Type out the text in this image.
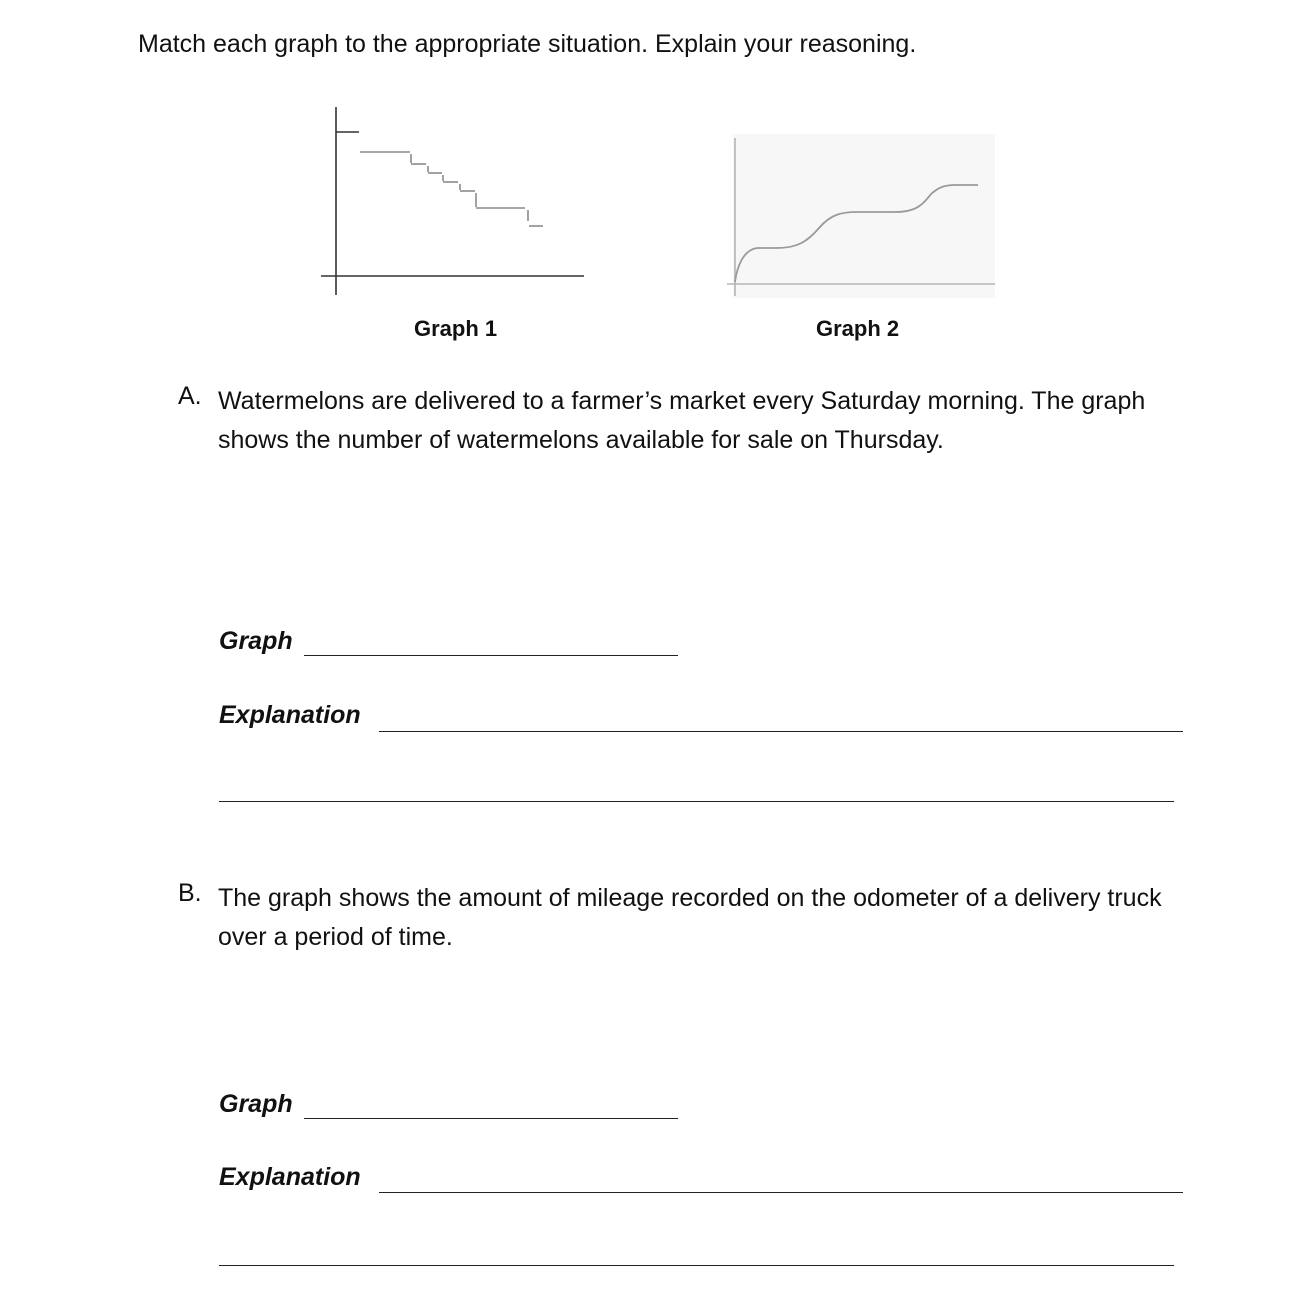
Match each graph to the appropriate situation. Explain your reasoning.
Graph 1	Graph 2
A. Watermelons are delivered to a farmer’s market every Saturday morning. The graph shows the number of watermelons available for sale on Thursday.
Graph
Explanation
B. The graph shows the amount of mileage recorded on the odometer of a delivery truck over a period of time.
Graph
Explanation
